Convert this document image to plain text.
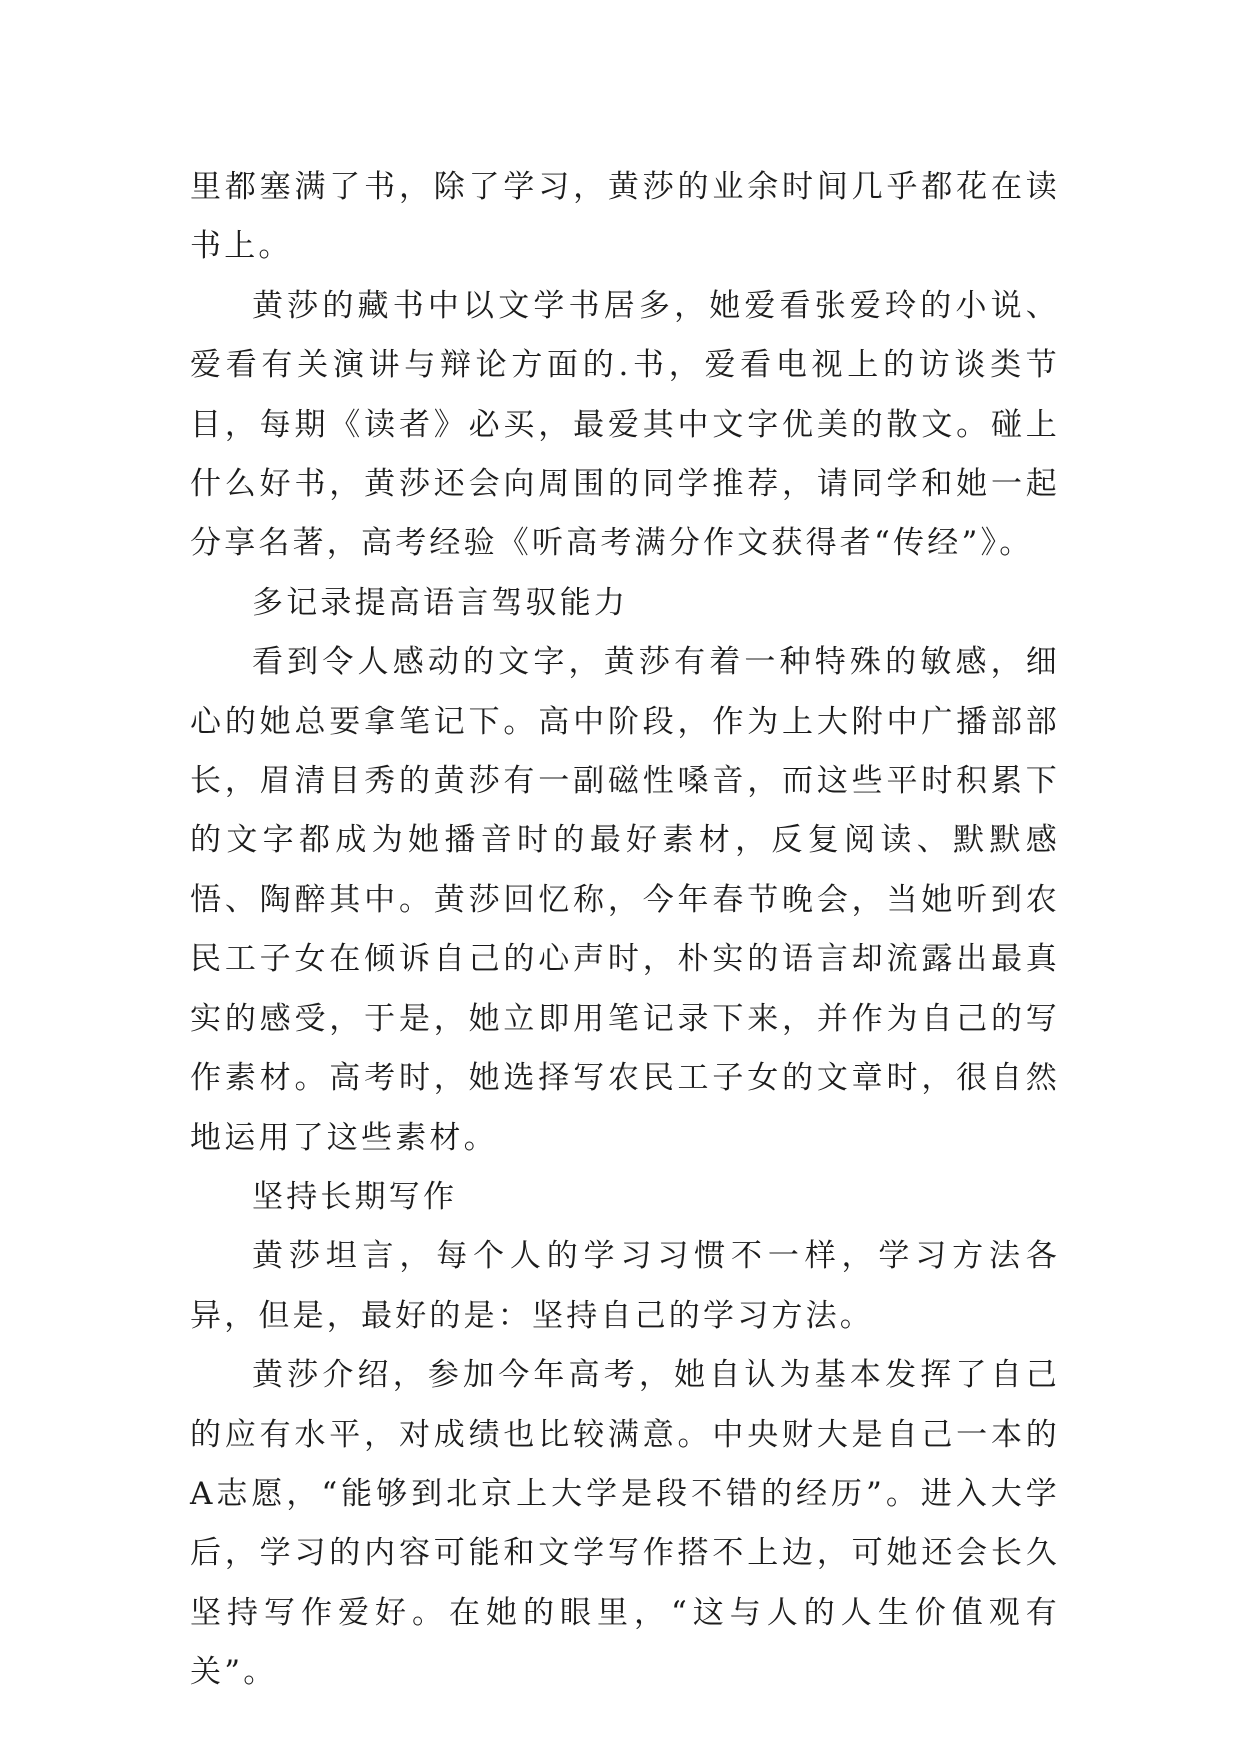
里都塞满了书，除了学习，黄莎的业余时间几乎都花在读书上。

黄莎的藏书中以文学书居多，她爱看张爱玲的小说、爱看有关演讲与辩论方面的.书，爱看电视上的访谈类节目，每期《读者》必买，最爱其中文字优美的散文。碰上什么好书，黄莎还会向周围的同学推荐，请同学和她一起分享名著，高考经验《听高考满分作文获得者“传经”》。

多记录提高语言驾驭能力

看到令人感动的文字，黄莎有着一种特殊的敏感，细心的她总要拿笔记下。高中阶段，作为上大附中广播部部长，眉清目秀的黄莎有一副磁性嗓音，而这些平时积累下的文字都成为她播音时的最好素材，反复阅读、默默感悟、陶醉其中。黄莎回忆称，今年春节晚会，当她听到农民工子女在倾诉自己的心声时，朴实的语言却流露出最真实的感受，于是，她立即用笔记录下来，并作为自己的写作素材。高考时，她选择写农民工子女的文章时，很自然地运用了这些素材。

坚持长期写作

黄莎坦言，每个人的学习习惯不一样，学习方法各异，但是，最好的是：坚持自己的学习方法。

黄莎介绍，参加今年高考，她自认为基本发挥了自己的应有水平，对成绩也比较满意。中央财大是自己一本的A志愿，“能够到北京上大学是段不错的经历”。进入大学后，学习的内容可能和文学写作搭不上边，可她还会长久坚持写作爱好。在她的眼里，“这与人的人生价值观有关”。
